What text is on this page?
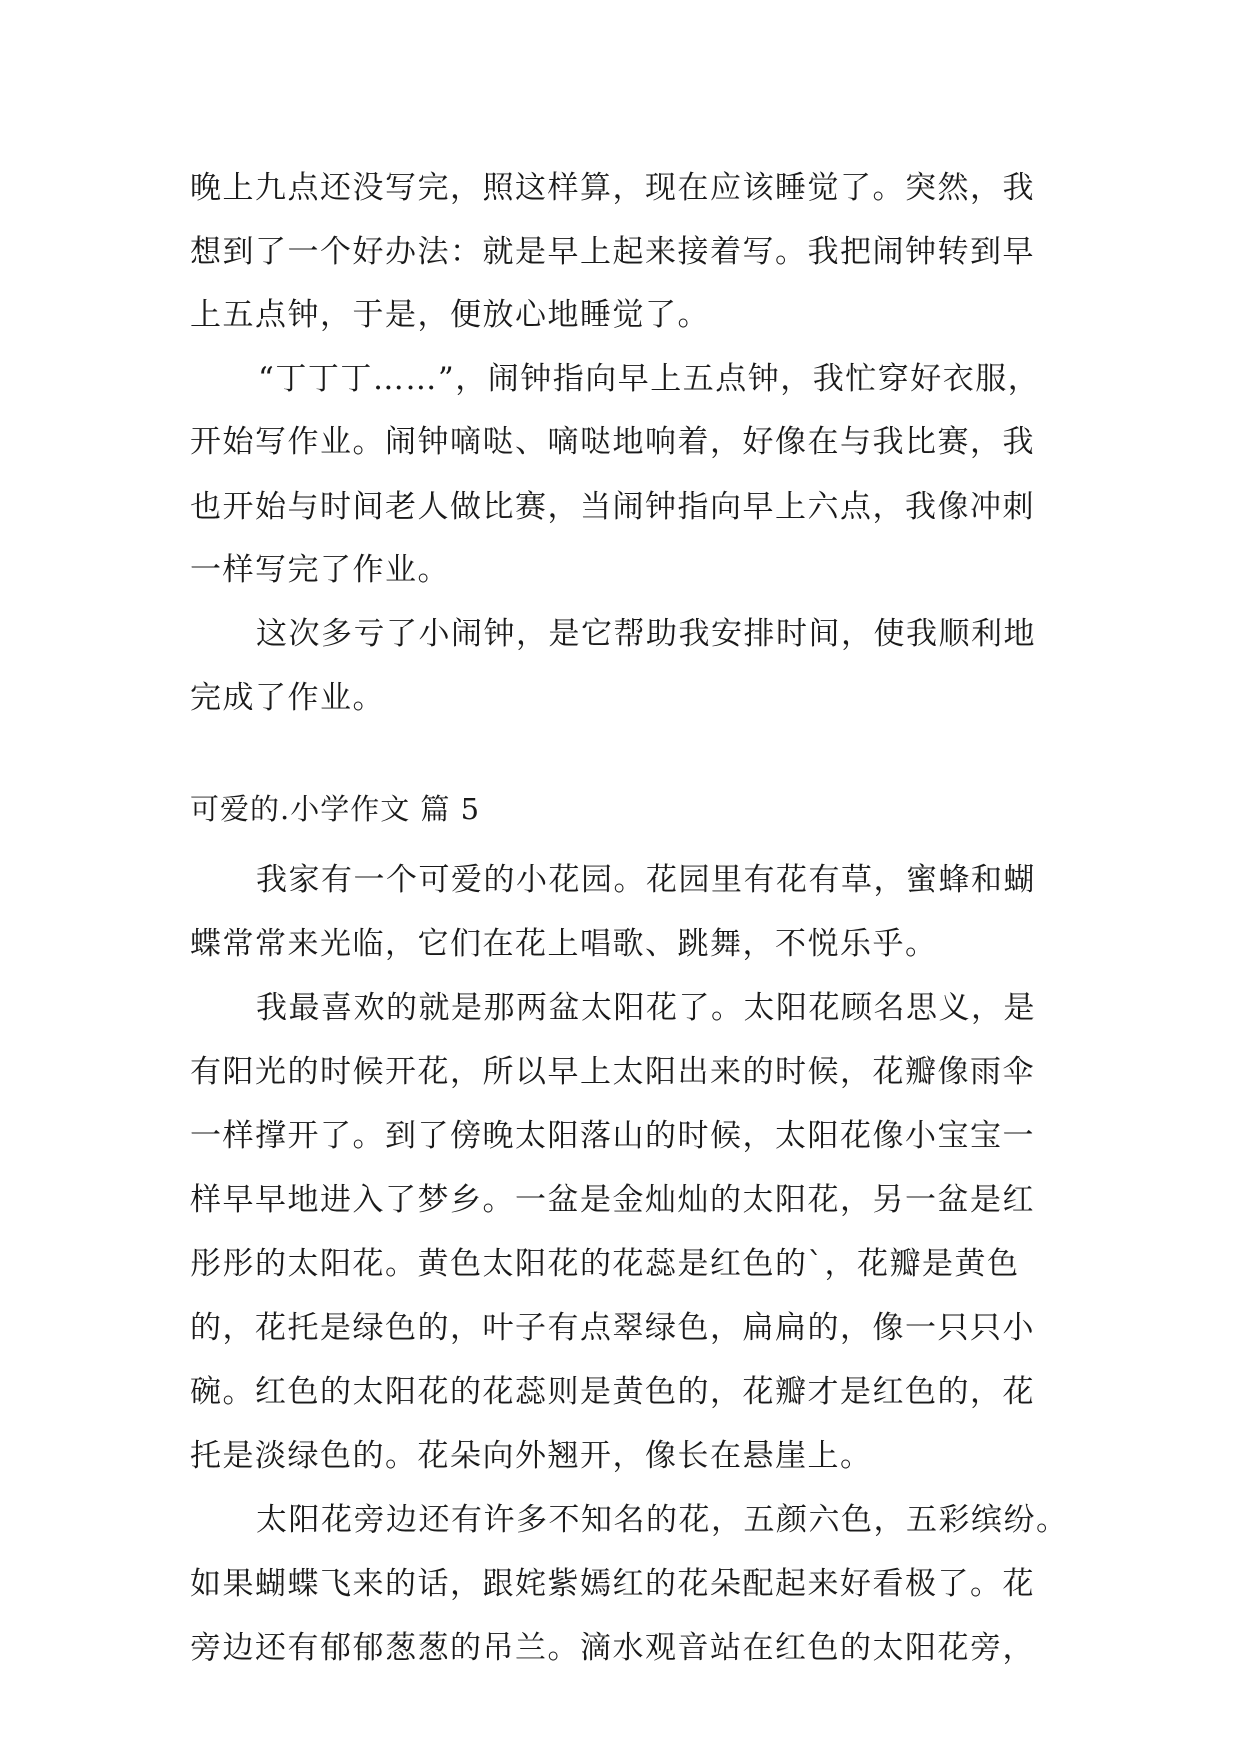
晚上九点还没写完，照这样算，现在应该睡觉了。突然，我
想到了一个好办法：就是早上起来接着写。我把闹钟转到早
上五点钟，于是，便放心地睡觉了。
“丁丁丁……”，闹钟指向早上五点钟，我忙穿好衣服，
开始写作业。闹钟嘀哒、嘀哒地响着，好像在与我比赛，我
也开始与时间老人做比赛，当闹钟指向早上六点，我像冲刺
一样写完了作业。
这次多亏了小闹钟，是它帮助我安排时间，使我顺利地
完成了作业。
可爱的.小学作文 篇 5
我家有一个可爱的小花园。花园里有花有草，蜜蜂和蝴
蝶常常来光临，它们在花上唱歌、跳舞，不悦乐乎。
我最喜欢的就是那两盆太阳花了。太阳花顾名思义，是
有阳光的时候开花，所以早上太阳出来的时候，花瓣像雨伞
一样撑开了。到了傍晚太阳落山的时候，太阳花像小宝宝一
样早早地进入了梦乡。一盆是金灿灿的太阳花，另一盆是红
彤彤的太阳花。黄色太阳花的花蕊是红色的`，花瓣是黄色
的，花托是绿色的，叶子有点翠绿色，扁扁的，像一只只小
碗。红色的太阳花的花蕊则是黄色的，花瓣才是红色的，花
托是淡绿色的。花朵向外翘开，像长在悬崖上。
太阳花旁边还有许多不知名的花，五颜六色，五彩缤纷。
如果蝴蝶飞来的话，跟姹紫嫣红的花朵配起来好看极了。花
旁边还有郁郁葱葱的吊兰。滴水观音站在红色的太阳花旁，
